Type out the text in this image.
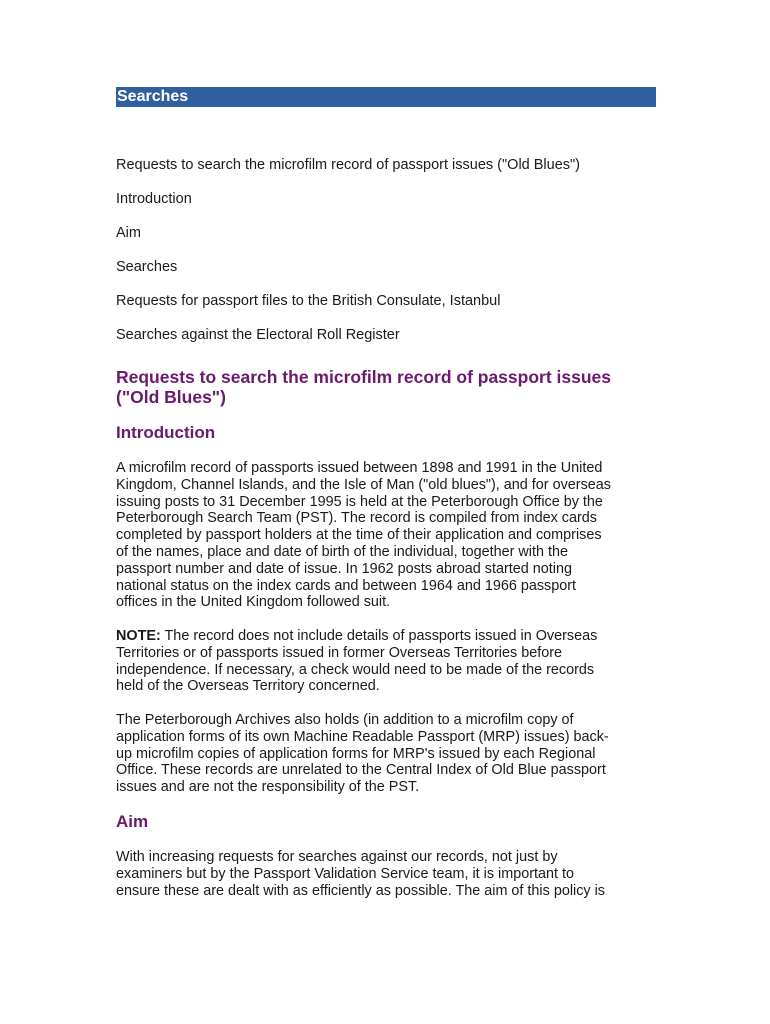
Searches
Requests to search the microfilm record of passport issues ("Old Blues")
Introduction
Aim
Searches
Requests for passport files to the British Consulate, Istanbul
Searches against the Electoral Roll Register
Requests to search the microfilm record of passport issues
("Old Blues")
Introduction

A microfilm record of passports issued between 1898 and 1991 in the United
Kingdom, Channel Islands, and the Isle of Man ("old blues"), and for overseas
issuing posts to 31 December 1995 is held at the Peterborough Office by the
Peterborough Search Team (PST). The record is compiled from index cards
completed by passport holders at the time of their application and comprises
of the names, place and date of birth of the individual, together with the
passport number and date of issue. In 1962 posts abroad started noting
national status on the index cards and between 1964 and 1966 passport
offices in the United Kingdom followed suit.

NOTE: The record does not include details of passports issued in Overseas
Territories or of passports issued in former Overseas Territories before
independence. If necessary, a check would need to be made of the records
held of the Overseas Territory concerned.

The Peterborough Archives also holds (in addition to a microfilm copy of
application forms of its own Machine Readable Passport (MRP) issues) back-
up microfilm copies of application forms for MRP's issued by each Regional
Office. These records are unrelated to the Central Index of Old Blue passport
issues and are not the responsibility of the PST.

Aim

With increasing requests for searches against our records, not just by
examiners but by the Passport Validation Service team, it is important to
ensure these are dealt with as efficiently as possible. The aim of this policy is
